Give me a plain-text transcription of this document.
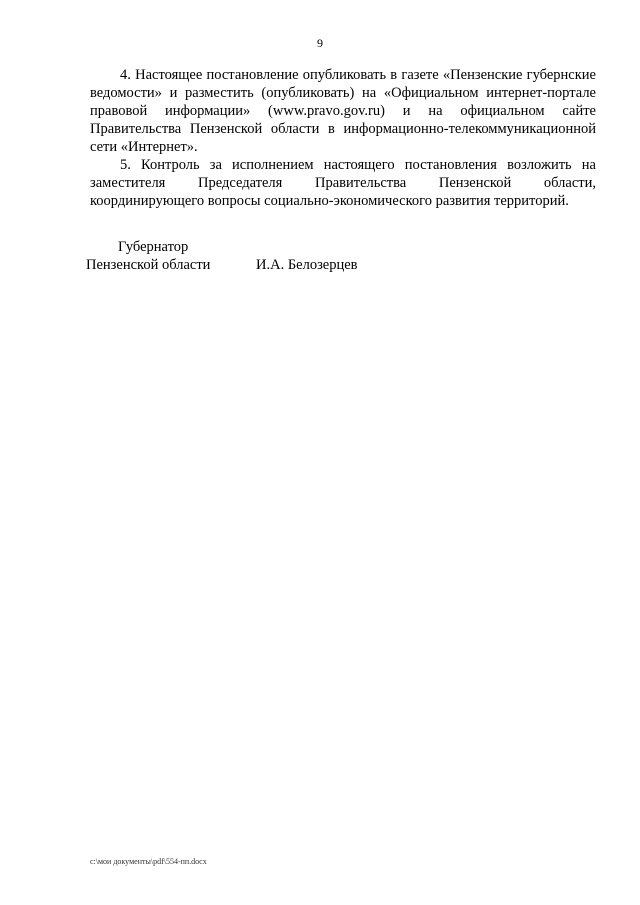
9

4. Настоящее постановление опубликовать в газете «Пензенские губернские ведомости» и разместить (опубликовать) на «Официальном интернет-портале правовой информации» (www.pravo.gov.ru) и на официальном сайте Правительства Пензенской области в информационно-телекоммуникационной сети «Интернет».

5. Контроль за исполнением настоящего постановления возложить на заместителя Председателя Правительства Пензенской области, координирующего вопросы социально-экономического развития территорий.

Губернатор
Пензенской области	И.А. Белозерцев
c:\мои документы\pdf\554-пп.docx
